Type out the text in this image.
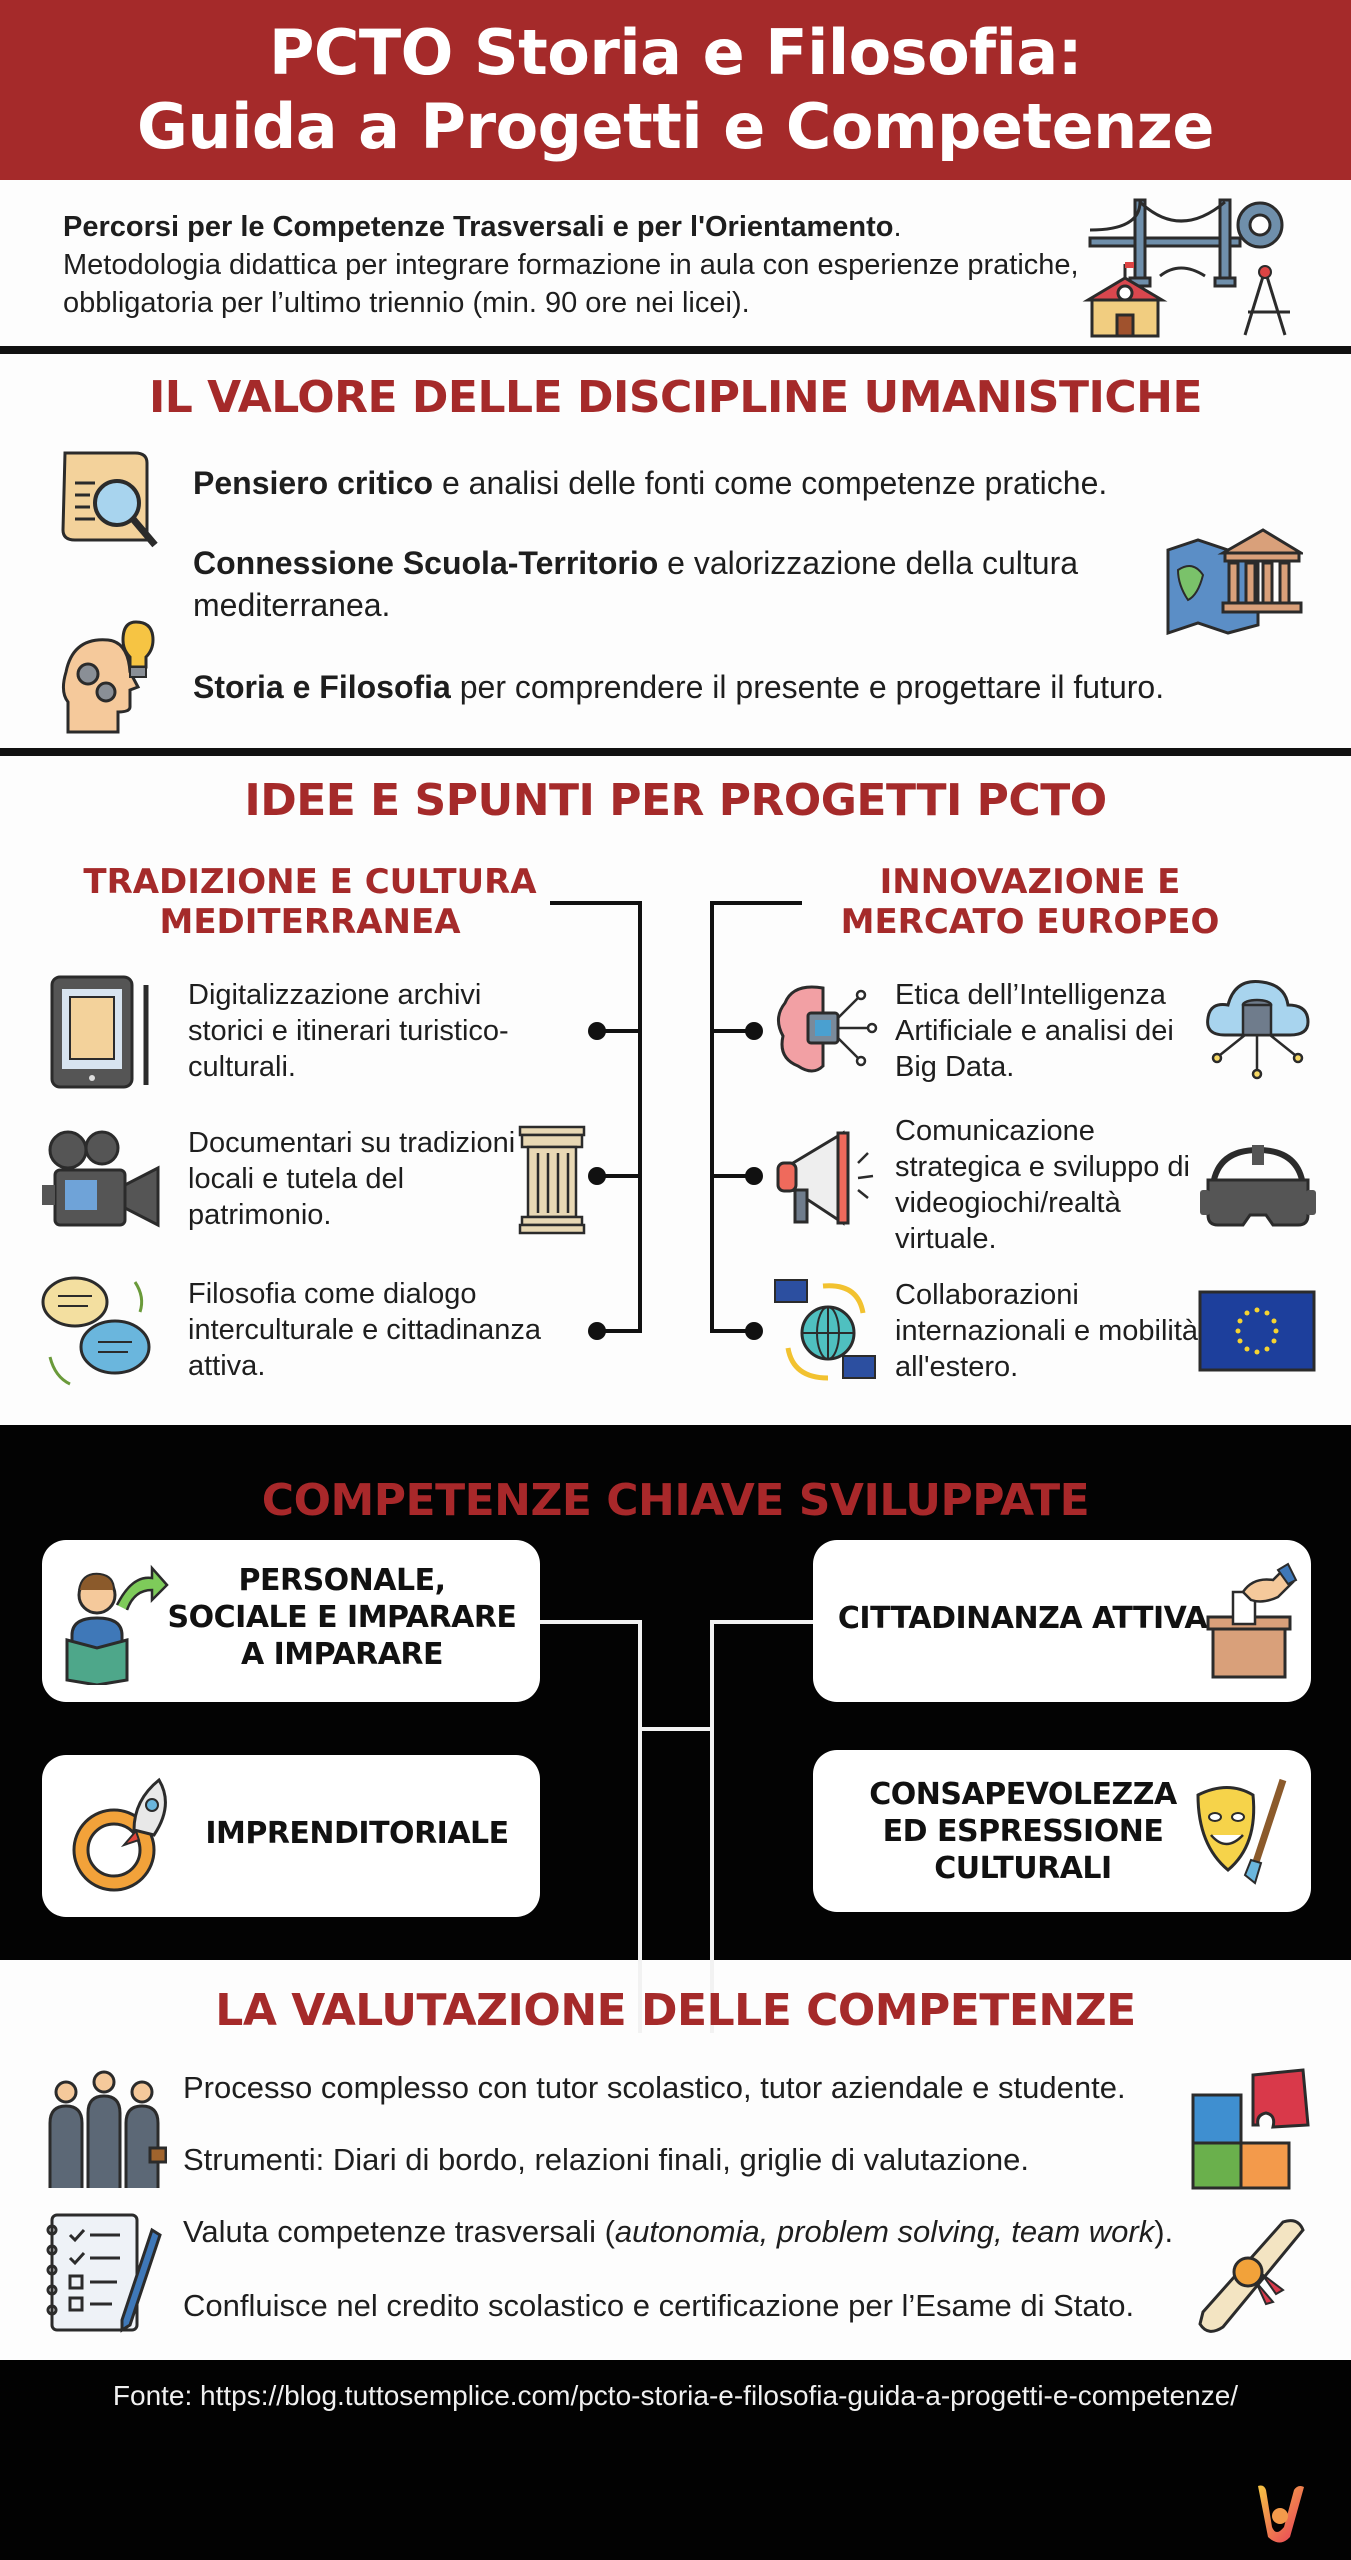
PCTO Storia e Filosofia:
Guida a Progetti e Competenze
Percorsi per le Competenze Trasversali e per l'Orientamento.
Metodologia didattica per integrare formazione in aula con esperienze pratiche, obbligatoria per l’ultimo triennio (min. 90 ore nei licei).
IL VALORE DELLE DISCIPLINE UMANISTICHE
Pensiero critico e analisi delle fonti come competenze pratiche.
Connessione Scuola-Territorio e valorizzazione della cultura mediterranea.
Storia e Filosofia per comprendere il presente e progettare il futuro.
IDEE E SPUNTI PER PROGETTI PCTO
TRADIZIONE E CULTURA
MEDITERRANEA
INNOVAZIONE E
MERCATO EUROPEO
Digitalizzazione archivi storici e itinerari turistico-culturali.
Documentari su tradizioni locali e tutela del patrimonio.
Filosofia come dialogo interculturale e cittadinanza attiva.
Etica dell’Intelligenza Artificiale e analisi dei Big Data.
Comunicazione strategica e sviluppo di videogiochi/realtà virtuale.
Collaborazioni internazionali e mobilità all'estero.
COMPETENZE CHIAVE SVILUPPATE
PERSONALE,
SOCIALE E IMPARARE
A IMPARARE
IMPRENDITORIALE
CITTADINANZA ATTIVA
CONSAPEVOLEZZA
ED ESPRESSIONE
CULTURALI
LA VALUTAZIONE DELLE COMPETENZE
Processo complesso con tutor scolastico, tutor aziendale e studente.
Strumenti: Diari di bordo, relazioni finali, griglie di valutazione.
Valuta competenze trasversali (autonomia, problem solving, team work).
Confluisce nel credito scolastico e certificazione per l’Esame di Stato.
Fonte: https://blog.tuttosemplice.com/pcto-storia-e-filosofia-guida-a-progetti-e-competenze/
